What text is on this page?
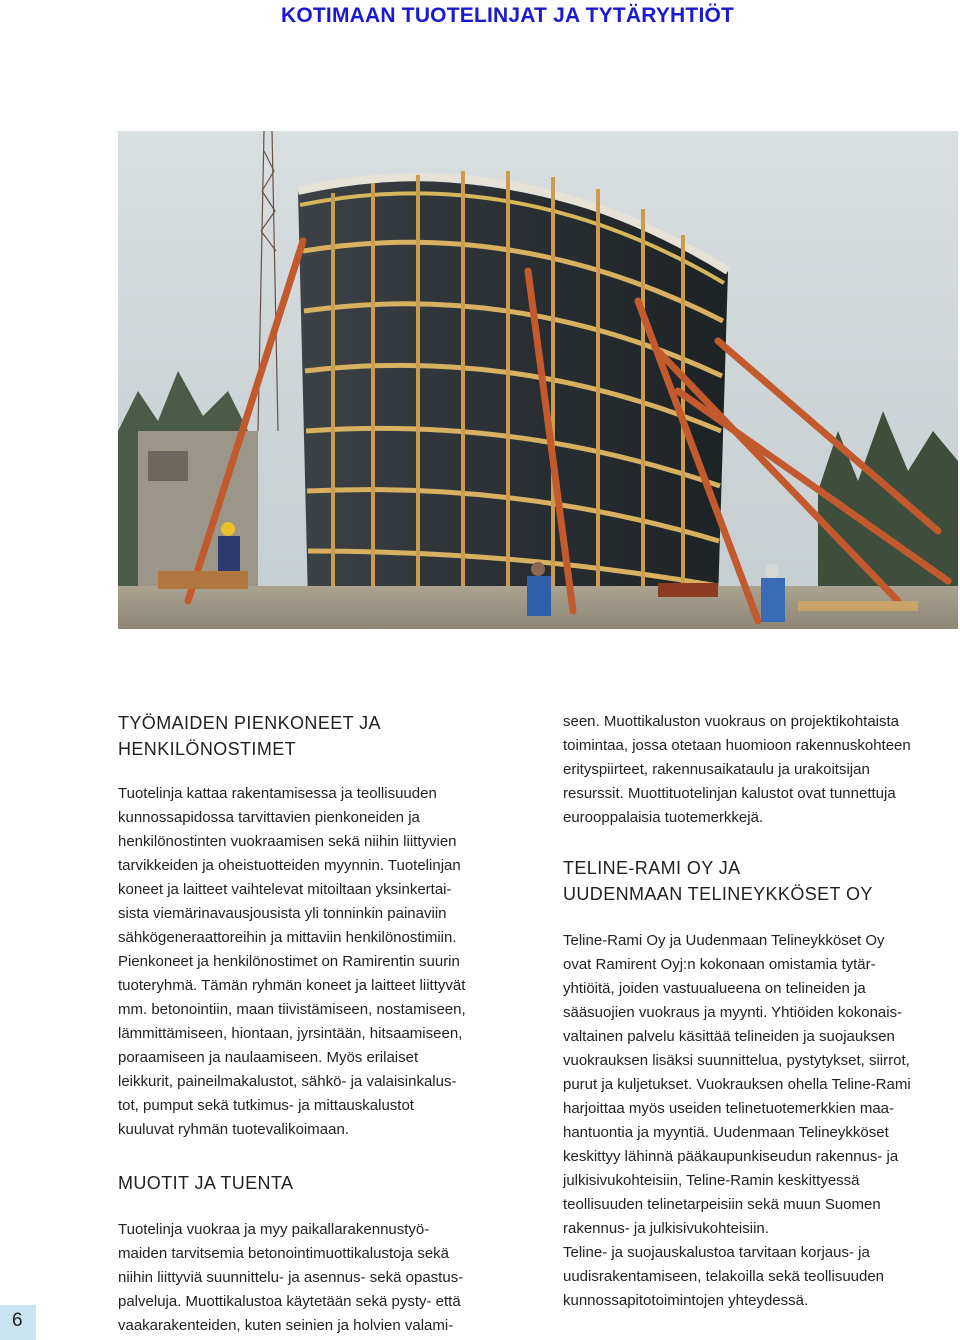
KOTIMAAN TUOTELINJAT JA TYTÄRYHTIÖT
TYÖMAIDEN PIENKONEET JA
HENKILÖNOSTIMET

Tuotelinja kattaa rakentamisessa ja teollisuuden
kunnossapidossa tarvittavien pienkoneiden ja
henkilönostinten vuokraamisen sekä niihin liittyvien
tarvikkeiden ja oheistuotteiden myynnin. Tuotelinjan
koneet ja laitteet vaihtelevat mitoiltaan yksinkertai-
sista viemärinavausjousista yli tonninkin painaviin
sähkögeneraattoreihin ja mittaviin henkilönostimiin.
Pienkoneet ja henkilönostimet on Ramirentin suurin
tuoteryhmä. Tämän ryhmän koneet ja laitteet liittyvät
mm. betonointiin, maan tiivistämiseen, nostamiseen,
lämmittämiseen, hiontaan, jyrsintään, hitsaamiseen,
poraamiseen ja naulaamiseen. Myös erilaiset
leikkurit, paineilmakalustot, sähkö- ja valaisinkalus-
tot, pumput sekä tutkimus- ja mittauskalustot
kuuluvat ryhmän tuotevalikoimaan.

MUOTIT JA TUENTA

Tuotelinja vuokraa ja myy paikallarakennustyö-
maiden tarvitsemia betonointimuottikalustoja sekä
niihin liittyviä suunnittelu- ja asennus- sekä opastus-
palveluja. Muottikalustoa käytetään sekä pysty- että
vaakarakenteiden, kuten seinien ja holvien valami-

seen. Muottikaluston vuokraus on projektikohtaista
toimintaa, jossa otetaan huomioon rakennuskohteen
erityspiirteet, rakennusaikataulu ja urakoitsijan
resurssit. Muottituotelinjan kalustot ovat tunnettuja
eurooppalaisia tuotemerkkejä.

TELINE-RAMI OY JA
UUDENMAAN TELINEYKKÖSET OY

Teline-Rami Oy ja Uudenmaan Telineykköset Oy
ovat Ramirent Oyj:n kokonaan omistamia tytär-
yhtiöitä, joiden vastuualueena on telineiden ja
sääsuojien vuokraus ja myynti. Yhtiöiden kokonais-
valtainen palvelu käsittää telineiden ja suojauksen
vuokrauksen lisäksi suunnittelua, pystytykset, siirrot,
purut ja kuljetukset. Vuokrauksen ohella Teline-Rami
harjoittaa myös useiden telinetuotemerkkien maa-
hantuontia ja myyntiä. Uudenmaan Telineykköset
keskittyy lähinnä pääkaupunkiseudun rakennus- ja
julkisivukohteisiin, Teline-Ramin keskittyessä
teollisuuden telinetarpeisiin sekä muun Suomen
rakennus- ja julkisivukohteisiin.
Teline- ja suojauskalustoa tarvitaan korjaus- ja
uudisrakentamiseen, telakoilla sekä teollisuuden
kunnossapitotoimintojen yhteydessä.

6
